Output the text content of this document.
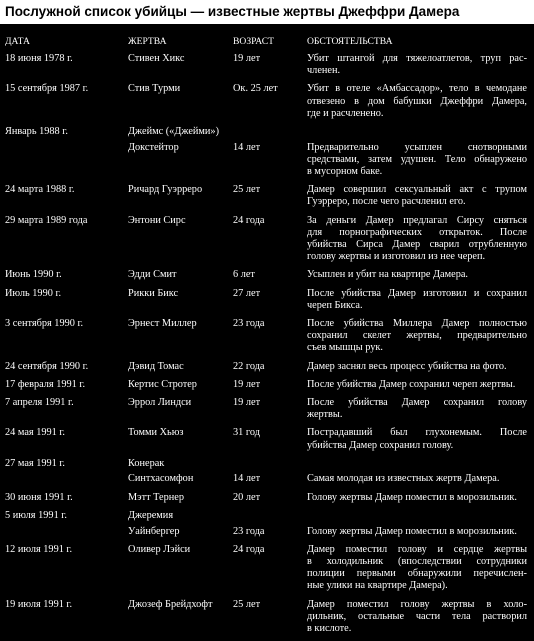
Послужной список убийцы — известные жертвы Джеффри Дамера
ДАТА	ЖЕРТВА	ВОЗРАСТ	ОБСТОЯТЕЛЬСТВА
18 июня 1978 г.	Стивен Хикс	19 лет	Убит штангой для тяжелоатлетов, труп рас-
членен.
15 сентября 1987 г.	Стив Турми	Ок. 25 лет	Убит в отеле «Амбассадор», тело в чемодане
отвезено в дом бабушки Джеффри Дамера,
где и расчленено.
Январь 1988 г.	Джеймс («Джейми»)
Докстейтор	14 лет	Предварительно усыплен снотворными
средствами, затем удушен. Тело обнаружено
в мусорном баке.
24 марта 1988 г.	Ричард Гуэрреро	25 лет	Дамер совершил сексуальный акт с трупом
Гуэрреро, после чего расчленил его.
29 марта 1989 года	Энтони Сирс	24 года	За деньги Дамер предлагал Сирсу сняться
для порнографических открыток. После
убийства Сирса Дамер сварил отрубленную
голову жертвы и изготовил из нее череп.
Июнь 1990 г.	Эдди Смит	6 лет	Усыплен и убит на квартире Дамера.
Июль 1990 г.	Рикки Бикс	27 лет	После убийства Дамер изготовил и сохранил
череп Бикса.
3 сентября 1990 г.	Эрнест Миллер	23 года	После убийства Миллера Дамер полностью
сохранил скелет жертвы, предварительно
съев мышцы рук.
24 сентября 1990 г.	Дэвид Томас	22 года	Дамер заснял весь процесс убийства на фото.
17 февраля 1991 г.	Кертис Стротер	19 лет	После убийства Дамер сохранил череп жертвы.
7 апреля 1991 г.	Эррол Линдси	19 лет	После убийства Дамер сохранил голову
жертвы.
24 мая 1991 г.	Томми Хьюз	31 год	Пострадавший был глухонемым. После
убийства Дамер сохранил голову.
27 мая 1991 г.	Конерак
Синтхасомфон	14 лет	Самая молодая из известных жертв Дамера.
30 июня 1991 г.	Мэтт Тернер	20 лет	Голову жертвы Дамер поместил в морозильник.
5 июля 1991 г.	Джеремия
Уайнбергер	23 года	Голову жертвы Дамер поместил в морозильник.
12 июля 1991 г.	Оливер Лэйси	24 года	Дамер поместил голову и сердце жертвы
в холодильник (впоследствии сотрудники
полиции первыми обнаружили перечислен-
ные улики на квартире Дамера).
19 июля 1991 г.	Джозеф Брейдхофт	25 лет	Дамер поместил голову жертвы в холо-
дильник, остальные части тела растворил
в кислоте.
